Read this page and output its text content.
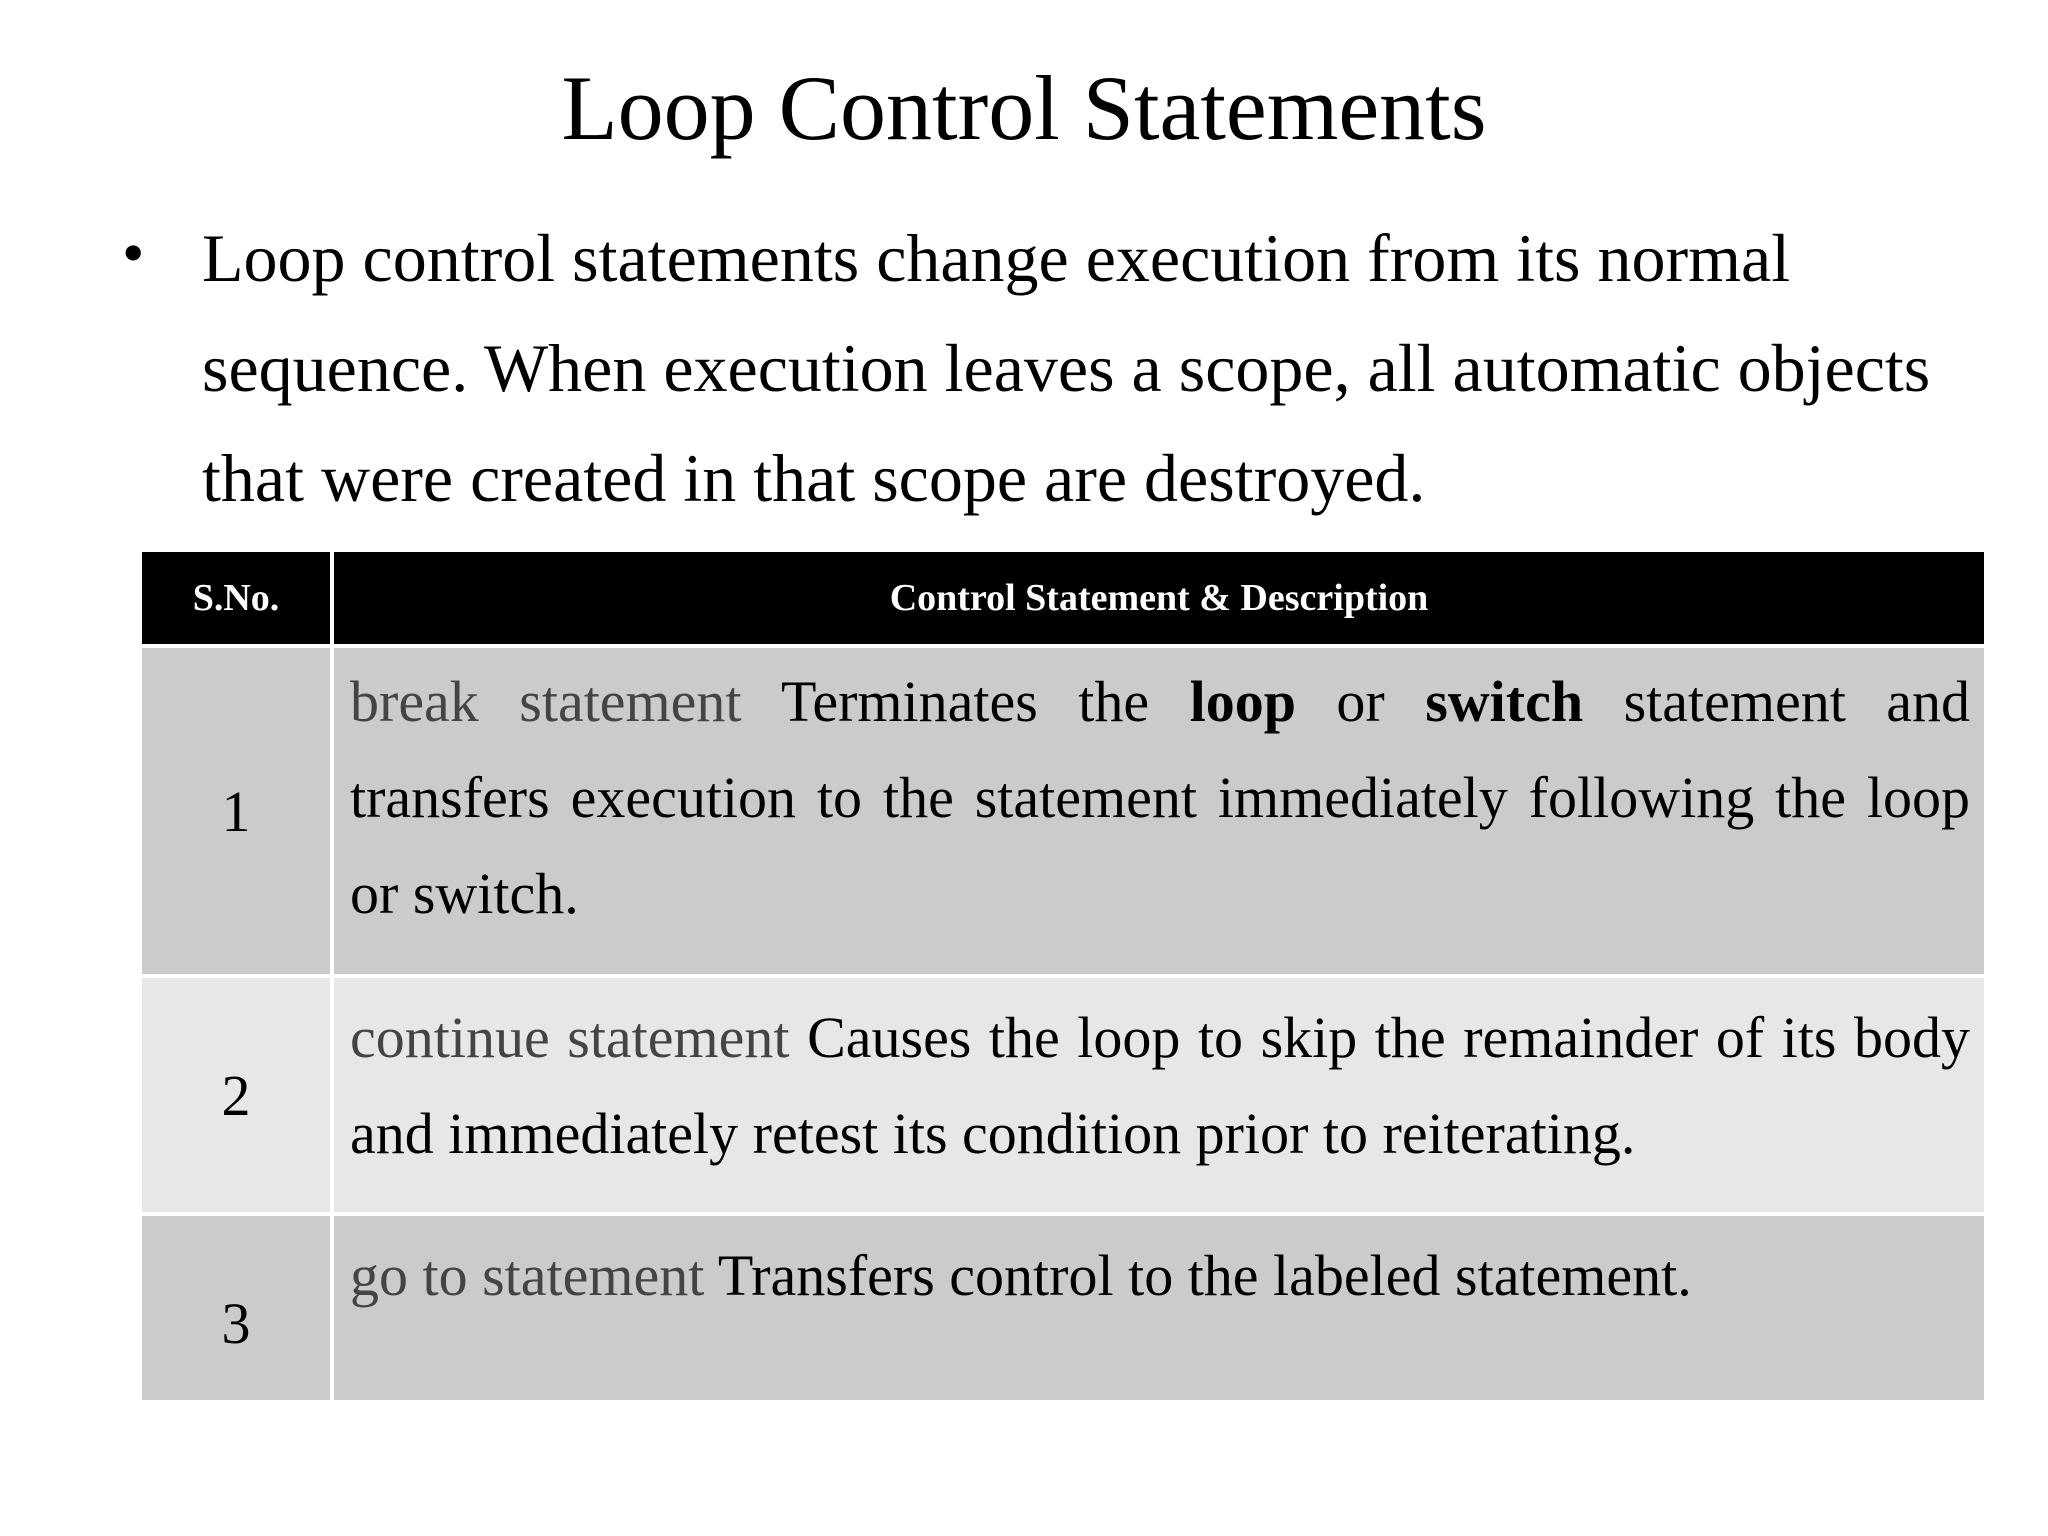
Loop Control Statements
• Loop control statements change execution from its normal sequence. When execution leaves a scope, all automatic objects that were created in that scope are destroyed.

S.No.	Control Statement & Description
1	break statement Terminates the loop or switch statement and transfers execution to the statement immediately following the loop or switch.
2	continue statement Causes the loop to skip the remainder of its body and immediately retest its condition prior to reiterating.
3	go to statement Transfers control to the labeled statement.
